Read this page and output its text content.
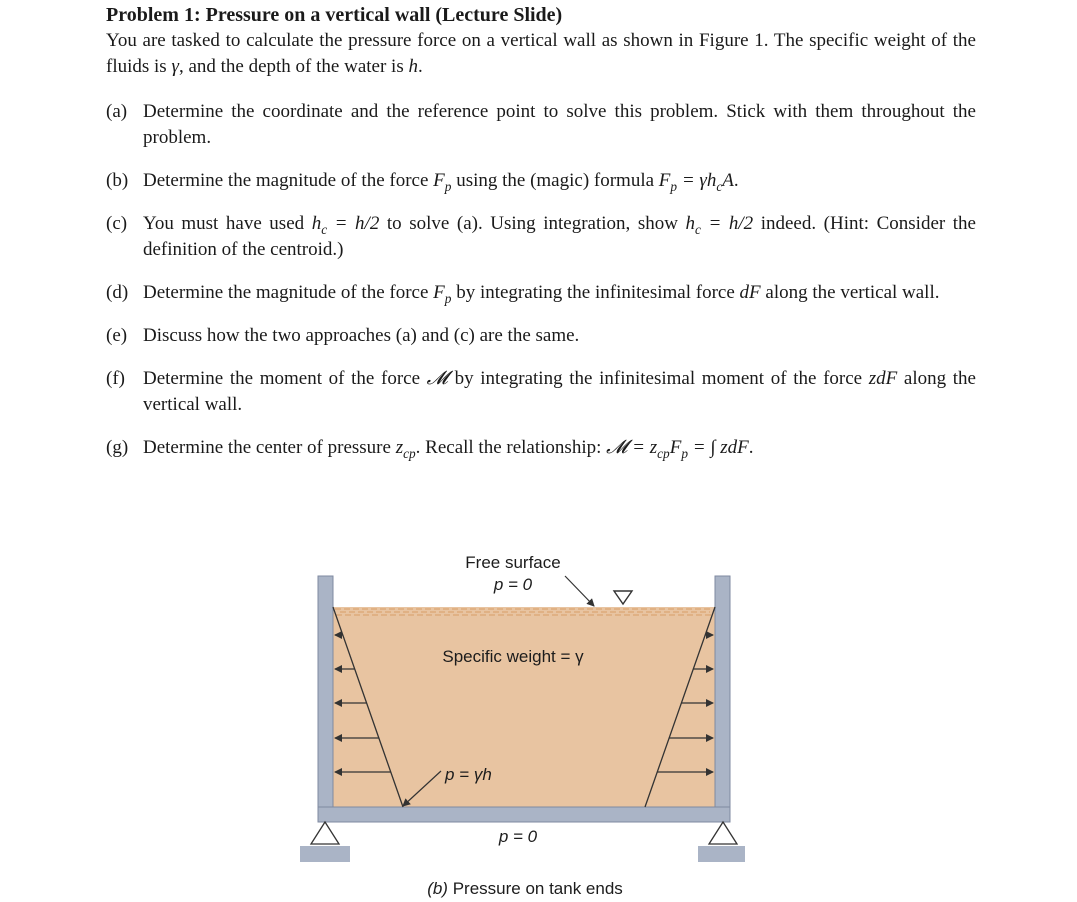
Problem 1: Pressure on a vertical wall (Lecture Slide)

You are tasked to calculate the pressure force on a vertical wall as shown in Figure 1. The specific weight of the fluids is γ, and the depth of the water is h.

(a) Determine the coordinate and the reference point to solve this problem. Stick with them throughout the problem.
(b) Determine the magnitude of the force $F_p$ using the (magic) formula $F_p = \gamma h_cA$.
(c) You must have used $h_c = h/2$ to solve (a). Using integration, show $h_c = h/2$ indeed. (Hint: Consider the definition of the centroid.)
(d) Determine the magnitude of the force $F_p$ by integrating the infinitesimal force dF along the vertical wall.
(e) Discuss how the two approaches (a) and (c) are the same.
(f) Determine the moment of the force 𝓜 by integrating the infinitesimal moment of the force zdF along the vertical wall.
(g) Determine the center of pressure $z_{cp}$. Recall the relationship: 𝓜 = $z_{cp}F_p$ = ∫ zdF.
Free surface
p = 0
Specific weight = γ
p = γh
p = 0
(b) Pressure on tank ends
